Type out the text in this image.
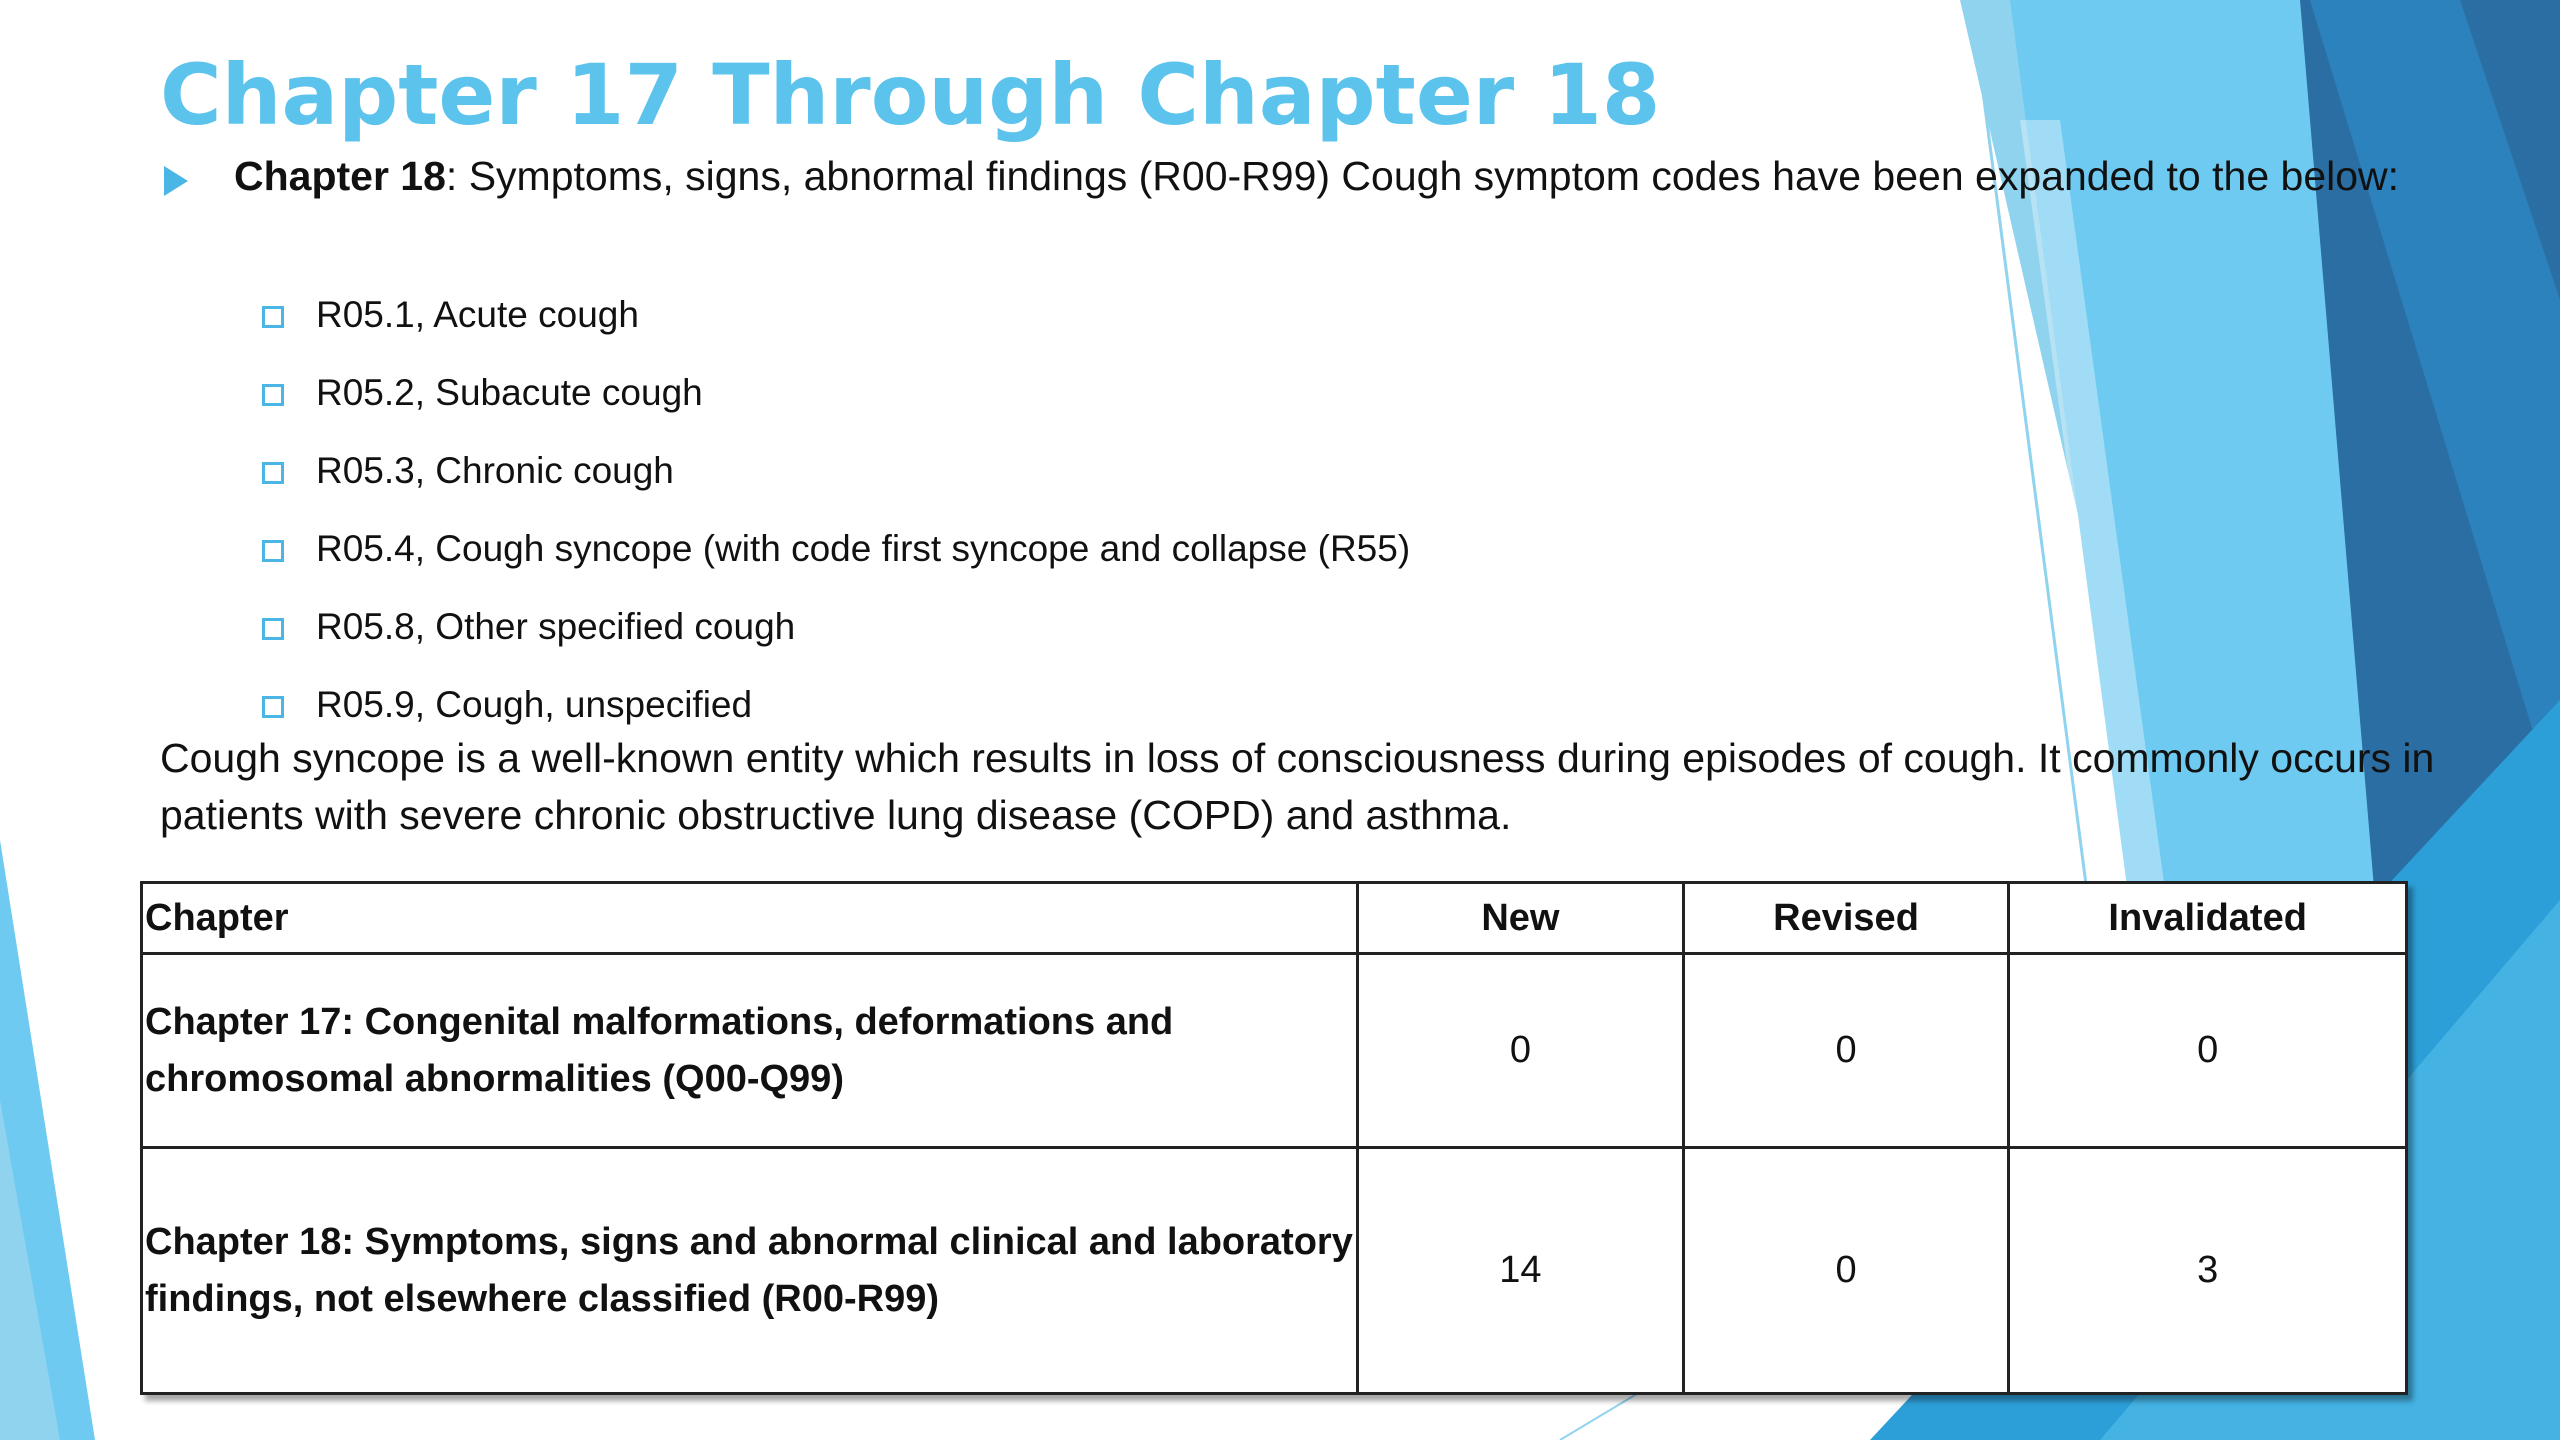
Chapter 17 Through Chapter 18
Chapter 18: Symptoms, signs, abnormal findings (R00-R99) Cough symptom codes have been expanded to the below:
R05.1, Acute cough
R05.2, Subacute cough
R05.3, Chronic cough
R05.4, Cough syncope (with code first syncope and collapse (R55)
R05.8, Other specified cough
R05.9, Cough, unspecified

Cough syncope is a well-known entity which results in loss of consciousness during episodes of cough. It commonly occurs in patients with severe chronic obstructive lung disease (COPD) and asthma.

Chapter	New	Revised	Invalidated
Chapter 17: Congenital malformations, deformations and chromosomal abnormalities (Q00-Q99)	0	0	0
Chapter 18: Symptoms, signs and abnormal clinical and laboratory findings, not elsewhere classified (R00-R99)	14	0	3
